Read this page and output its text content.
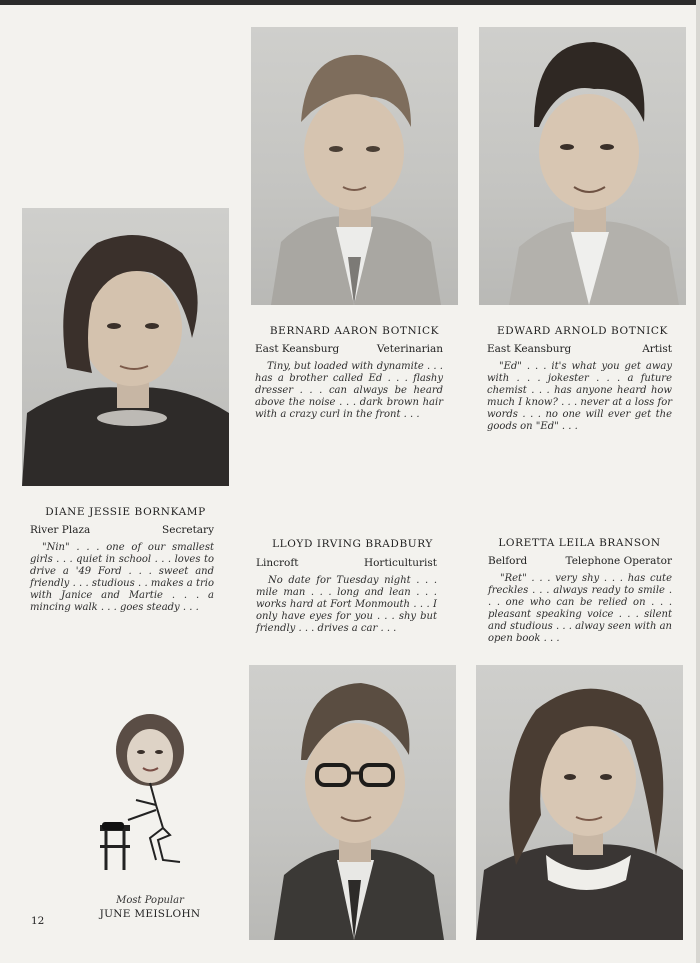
BERNARD AARON BOTNICK
East Keansburg	Veterinarian
Tiny, but loaded with dynamite . . . has a brother called Ed . . . flashy dresser . . . can always be heard above the noise . . . dark brown hair with a crazy curl in the front . . .
EDWARD ARNOLD BOTNICK
East Keansburg	Artist
"Ed" . . . it's what you get away with . . . jokester . . . a future chemist . . . has anyone heard how much I know? . . . never at a loss for words . . . no one will ever get the goods on "Ed" . . .
DIANE JESSIE BORNKAMP
River Plaza	Secretary
"Nin" . . . one of our smallest girls . . . quiet in school . . . loves to drive a '49 Ford . . . sweet and friendly . . . studious . . makes a trio with Janice and Martie . . . a mincing walk . . . goes steady . . .
LLOYD IRVING BRADBURY
Lincroft	Horticulturist
No date for Tuesday night . . . mile man . . . long and lean . . . works hard at Fort Monmouth . . . I only have eyes for you . . . shy but friendly . . . drives a car . . .
LORETTA LEILA BRANSON
Belford	Telephone Operator
"Ret" . . . very shy . . . has cute freckles . . . always ready to smile . . . one who can be relied on . . . pleasant speaking voice . . . silent and studious . . . alway seen with an open book . . .
Most Popular
JUNE MEISLOHN
12
